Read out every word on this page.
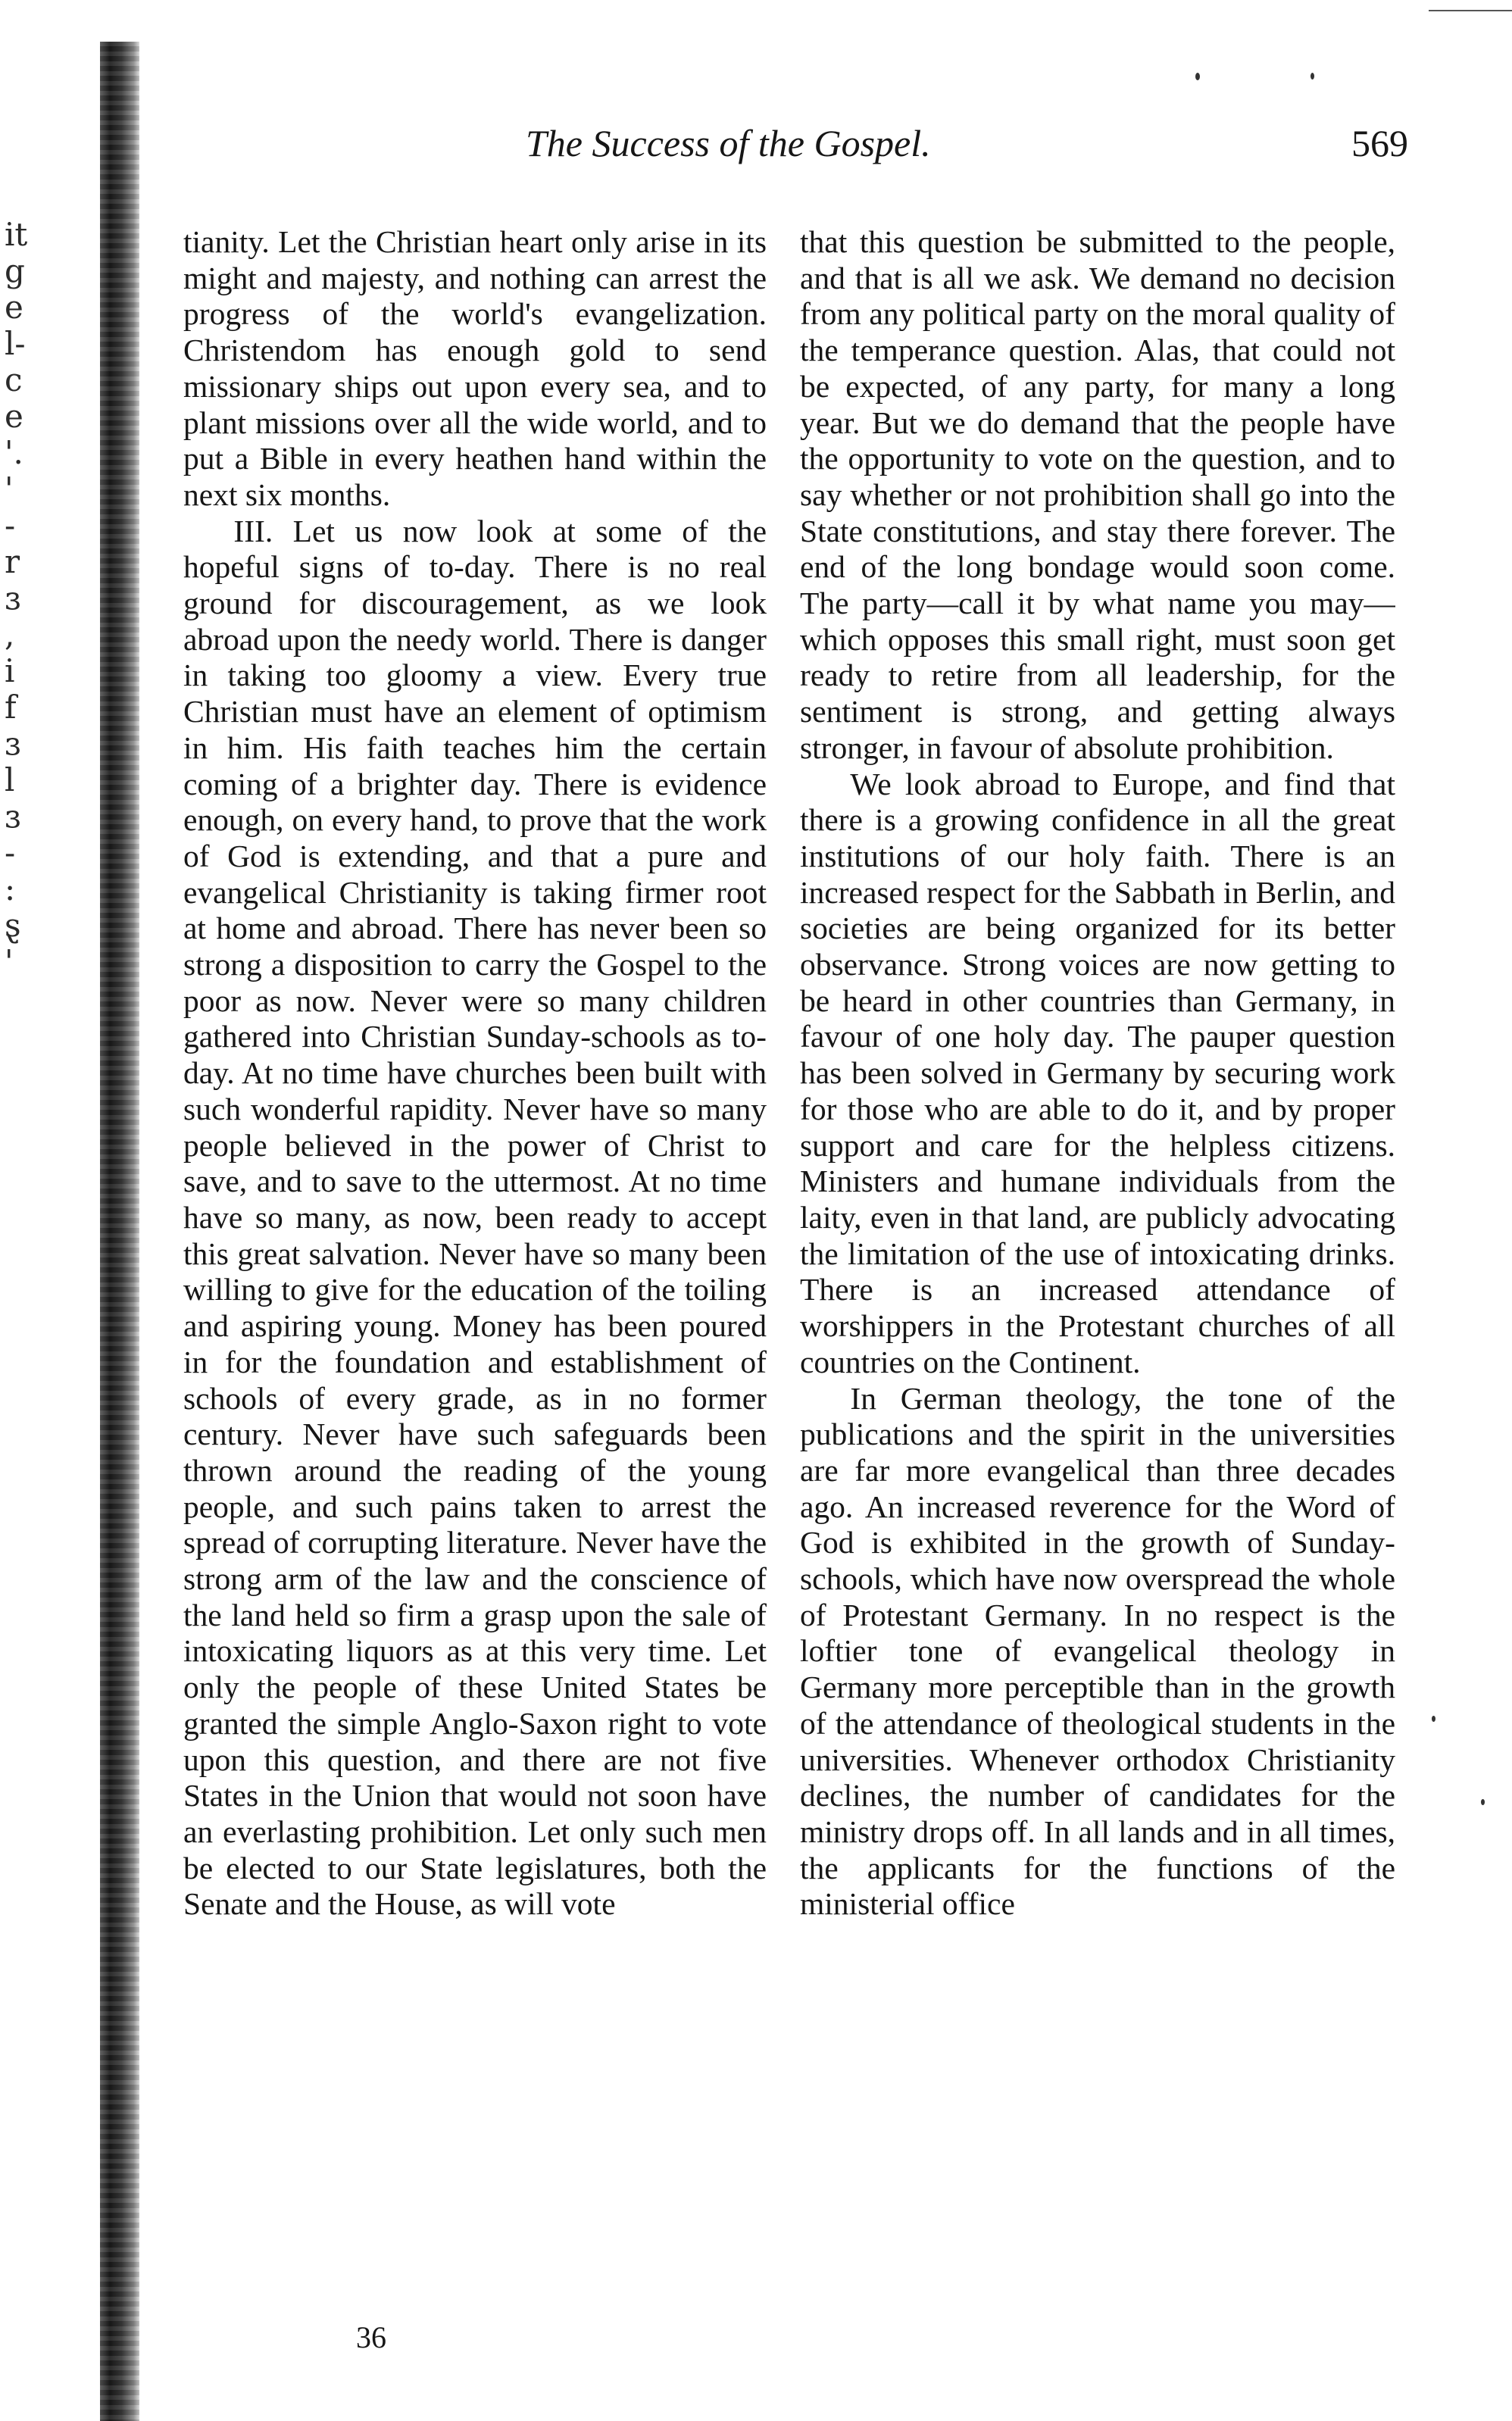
it
g
e
l-
c
e
'.
'
-
r
ɜ
,
i
f
ɜ
l
ɜ
-
:
ȿ
'
The Success of the Gospel.	569

tianity. Let the Christian heart only arise in its might and majesty, and nothing can arrest the progress of the world's evangelization. Christendom has enough gold to send missionary ships out upon every sea, and to plant missions over all the wide world, and to put a Bible in every heathen hand within the next six months.

III. Let us now look at some of the hopeful signs of to-day. There is no real ground for discouragement, as we look abroad upon the needy world. There is danger in taking too gloomy a view. Every true Christian must have an element of optimism in him. His faith teaches him the certain coming of a brighter day. There is evidence enough, on every hand, to prove that the work of God is extending, and that a pure and evangelical Christianity is taking firmer root at home and abroad. There has never been so strong a disposition to carry the Gospel to the poor as now. Never were so many children gathered into Christian Sunday-schools as to-day. At no time have churches been built with such wonderful rapidity. Never have so many people believed in the power of Christ to save, and to save to the uttermost. At no time have so many, as now, been ready to accept this great salvation. Never have so many been willing to give for the education of the toiling and aspiring young. Money has been poured in for the foundation and establishment of schools of every grade, as in no former century. Never have such safeguards been thrown around the reading of the young people, and such pains taken to arrest the spread of corrupting literature. Never have the strong arm of the law and the conscience of the land held so firm a grasp upon the sale of intoxicating liquors as at this very time. Let only the people of these United States be granted the simple Anglo-Saxon right to vote upon this question, and there are not five States in the Union that would not soon have an everlasting prohibition. Let only such men be elected to our State legislatures, both the Senate and the House, as will vote

that this question be submitted to the people, and that is all we ask. We demand no decision from any political party on the moral quality of the temperance question. Alas, that could not be expected, of any party, for many a long year. But we do demand that the people have the opportunity to vote on the question, and to say whether or not prohibition shall go into the State constitutions, and stay there forever. The end of the long bondage would soon come. The party—call it by what name you may—which opposes this small right, must soon get ready to retire from all leadership, for the sentiment is strong, and getting always stronger, in favour of absolute prohibition.

We look abroad to Europe, and find that there is a growing confidence in all the great institutions of our holy faith. There is an increased respect for the Sabbath in Berlin, and societies are being organized for its better observance. Strong voices are now getting to be heard in other countries than Germany, in favour of one holy day. The pauper question has been solved in Germany by securing work for those who are able to do it, and by proper support and care for the helpless citizens. Ministers and humane individuals from the laity, even in that land, are publicly advocating the limitation of the use of intoxicating drinks. There is an increased attendance of worshippers in the Protestant churches of all countries on the Continent.

In German theology, the tone of the publications and the spirit in the universities are far more evangelical than three decades ago. An increased reverence for the Word of God is exhibited in the growth of Sunday-schools, which have now overspread the whole of Protestant Germany. In no respect is the loftier tone of evangelical theology in Germany more perceptible than in the growth of the attendance of theological students in the universities. Whenever orthodox Christianity declines, the number of candidates for the ministry drops off. In all lands and in all times, the applicants for the functions of the ministerial office

36
